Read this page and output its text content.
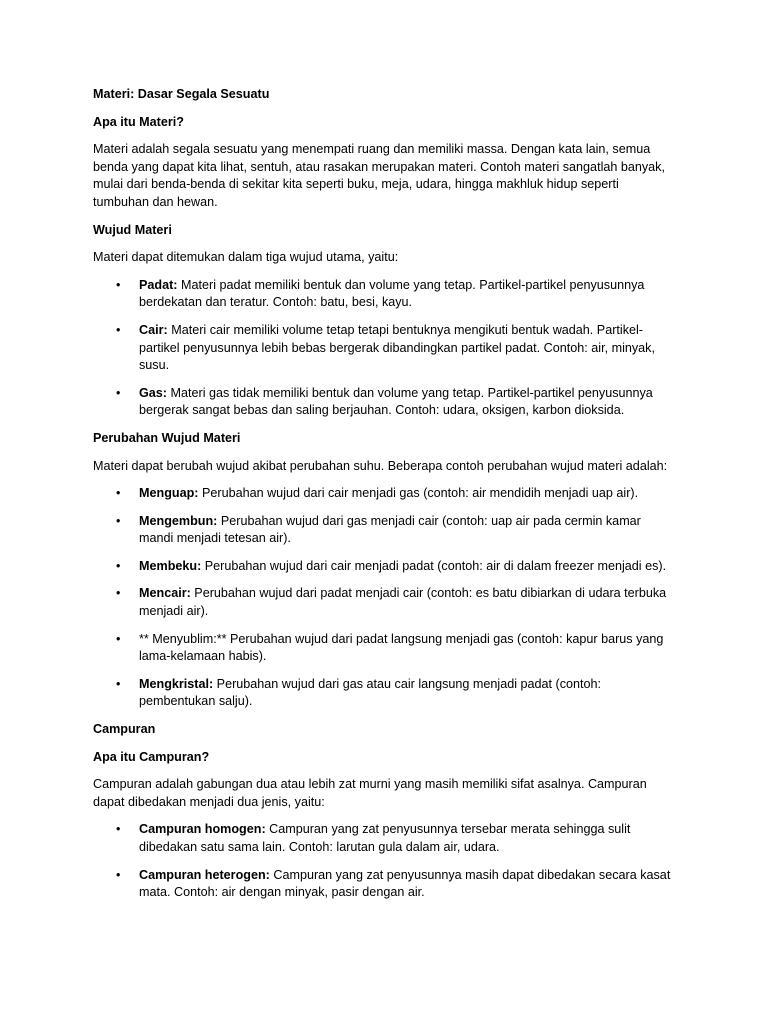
Materi: Dasar Segala Sesuatu
Apa itu Materi?
Materi adalah segala sesuatu yang menempati ruang dan memiliki massa. Dengan kata lain, semua benda yang dapat kita lihat, sentuh, atau rasakan merupakan materi. Contoh materi sangatlah banyak, mulai dari benda-benda di sekitar kita seperti buku, meja, udara, hingga makhluk hidup seperti tumbuhan dan hewan.
Wujud Materi
Materi dapat ditemukan dalam tiga wujud utama, yaitu:
• Padat: Materi padat memiliki bentuk dan volume yang tetap. Partikel-partikel penyusunnya berdekatan dan teratur. Contoh: batu, besi, kayu.
• Cair: Materi cair memiliki volume tetap tetapi bentuknya mengikuti bentuk wadah. Partikel-partikel penyusunnya lebih bebas bergerak dibandingkan partikel padat. Contoh: air, minyak, susu.
• Gas: Materi gas tidak memiliki bentuk dan volume yang tetap. Partikel-partikel penyusunnya bergerak sangat bebas dan saling berjauhan. Contoh: udara, oksigen, karbon dioksida.
Perubahan Wujud Materi
Materi dapat berubah wujud akibat perubahan suhu. Beberapa contoh perubahan wujud materi adalah:
• Menguap: Perubahan wujud dari cair menjadi gas (contoh: air mendidih menjadi uap air).
• Mengembun: Perubahan wujud dari gas menjadi cair (contoh: uap air pada cermin kamar mandi menjadi tetesan air).
• Membeku: Perubahan wujud dari cair menjadi padat (contoh: air di dalam freezer menjadi es).
• Mencair: Perubahan wujud dari padat menjadi cair (contoh: es batu dibiarkan di udara terbuka menjadi air).
• ** Menyublim:** Perubahan wujud dari padat langsung menjadi gas (contoh: kapur barus yang lama-kelamaan habis).
• Mengkristal: Perubahan wujud dari gas atau cair langsung menjadi padat (contoh: pembentukan salju).
Campuran
Apa itu Campuran?
Campuran adalah gabungan dua atau lebih zat murni yang masih memiliki sifat asalnya. Campuran dapat dibedakan menjadi dua jenis, yaitu:
• Campuran homogen: Campuran yang zat penyusunnya tersebar merata sehingga sulit dibedakan satu sama lain. Contoh: larutan gula dalam air, udara.
• Campuran heterogen: Campuran yang zat penyusunnya masih dapat dibedakan secara kasat mata. Contoh: air dengan minyak, pasir dengan air.
